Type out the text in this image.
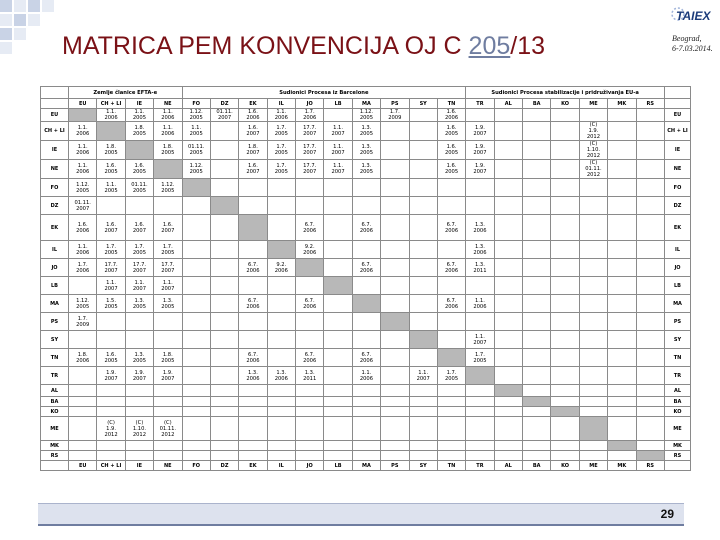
MATRICA PEM KONVENCIJA OJ C 205/13
TAIEX
Beograd,
6-7.03.2014.
	Zemlje članice EFTA-e				Sudionici Procesa iz Barcelone										Sudionici Procesa stabilizacije i pridruživanja EU-a							
	EU	CH + LI	IE	NE	FO	DZ	EK	IL	JO	LB	MA	PS	SY	TN	TR	AL	BA	KO	ME	MK	RS	
EU		1.1.
2006	1.1.
2005	1.1.
2006	1.12.
2005	01.11.
2007	1.6.
2006	1.1.
2006	1.7.
2006		1.12.
2005	1.7.
2009		1.6.
2006								EU
CH + LI	1.1.
2006		1.8.
2005	1.1.
2006	1.1.
2005		1.6.
2007	1.7.
2005	17.7.
2007	1.1.
2007	1.3.
2005			1.6.
2005	1.9.
2007				(C)
1.9.
2012			CH + LI
IE	1.1.
2006	1.8.
2005		1.8.
2005	01.11.
2005		1.8.
2007	1.7.
2005	17.7.
2007	1.1.
2007	1.3.
2005			1.6.
2005	1.9.
2007				(C)
1.10.
2012			IE
NE	1.1.
2006	1.6.
2005	1.6.
2005		1.12.
2005		1.6.
2007	1.7.
2005	17.7.
2007	1.1.
2007	1.3.
2005			1.6.
2005	1.9.
2007				(C)
01.11.
2012			NE
FO	1.12.
2005	1.1.
2005	01.11.
2005	1.12.
2005																		FO
DZ	01.11.
2007																					DZ
EK	1.6.
2006	1.6.
2007	1.6.
2007	1.6.
2007					6.7.
2006		6.7.
2006			6.7.
2006	1.3.
2006							EK
IL	1.1.
2006	1.7.
2005	1.7.
2005	1.7.
2005					9.2.
2006						1.3.
2006							IL
JO	1.7.
2006	17.7.
2007	17.7.
2007	17.7.
2007			6.7.
2006	9.2.
2006			6.7.
2006			6.7.
2006	1.3.
2011							JO
LB		1.1.
2007	1.1.
2007	1.1.
2007																		LB
MA	1.12.
2005	1.5.
2005	1.3.
2005	1.3.
2005			6.7.
2006		6.7.
2006					6.7.
2006	1.1.
2006							MA
PS	1.7.
2009																					PS
SY															1.1.
2007							SY
TN	1.8.
2006	1.6.
2005	1.3.
2005	1.8.
2005			6.7.
2006		6.7.
2006		6.7.
2006				1.7.
2005							TN
TR		1.9.
2007	1.9.
2007	1.9.
2007			1.3.
2006	1.3.
2006	1.3.
2011		1.1.
2006		1.1.
2007	1.7.
2005								TR
AL																						AL
BA																						BA
KO																						KO
ME		(C)
1.9.
2012	(C)
1.10.
2012	(C)
01.11.
2012																		ME
MK																						MK
RS																						RS
	EU	CH + LI	IE	NE	FO	DZ	EK	IL	JO	LB	MA	PS	SY	TN	TR	AL	BA	KO	ME	MK	RS	
29
